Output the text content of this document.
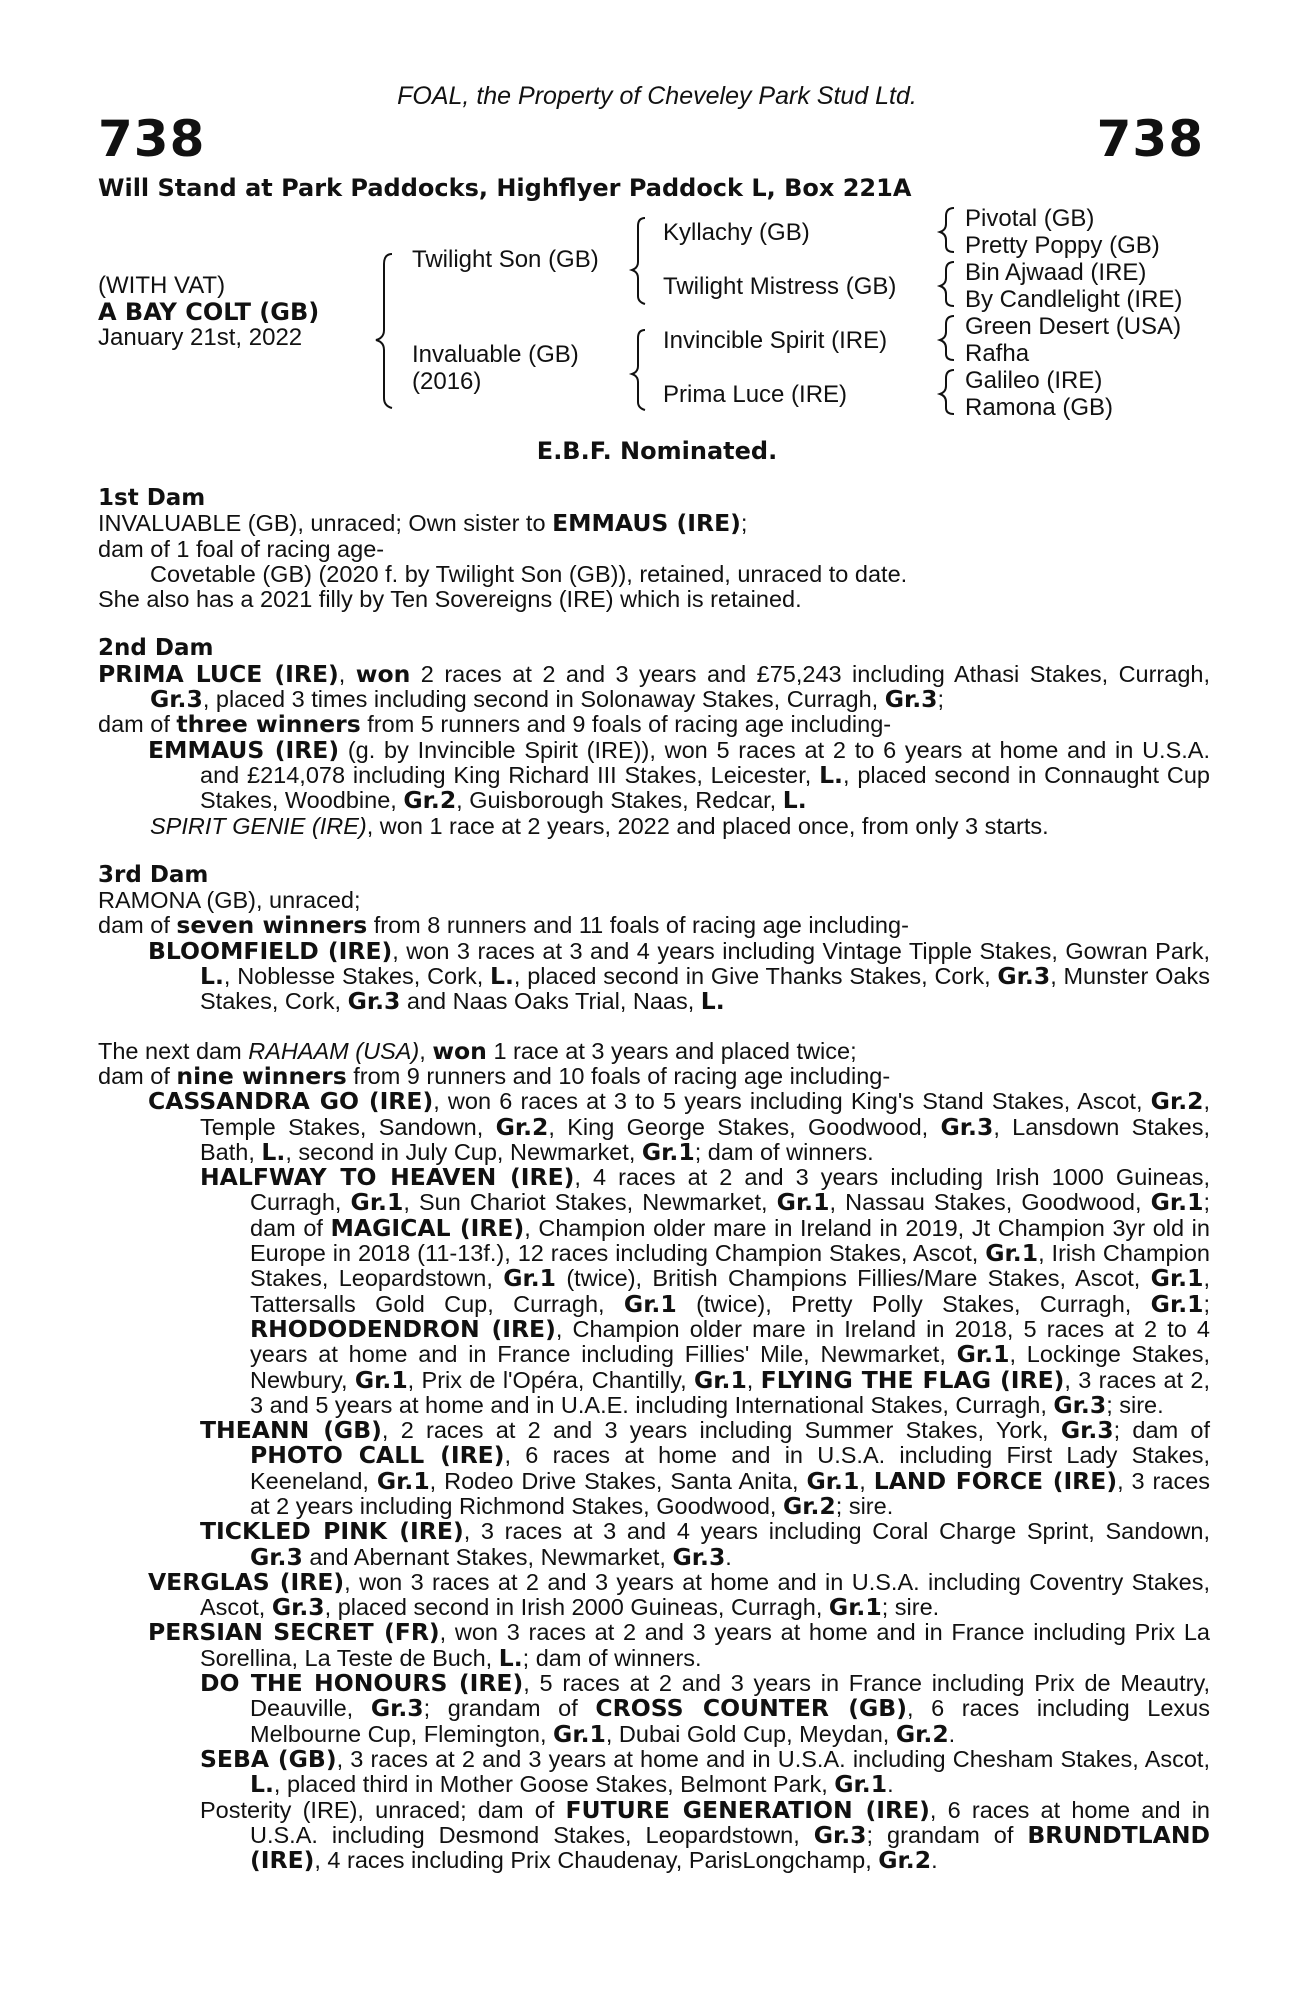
FOAL, the Property of Cheveley Park Stud Ltd.
738	738
Will Stand at Park Paddocks, Highflyer Paddock L, Box 221A
(WITH VAT)
A BAY COLT (GB)
January 21st, 2022
Twilight Son (GB)
Invaluable (GB)
(2016)
Kyllachy (GB)
Twilight Mistress (GB)
Invincible Spirit (IRE)
Prima Luce (IRE)
Pivotal (GB)
Pretty Poppy (GB)
Bin Ajwaad (IRE)
By Candlelight (IRE)
Green Desert (USA)
Rafha
Galileo (IRE)
Ramona (GB)
E.B.F. Nominated.

1st Dam

INVALUABLE (GB), unraced; Own sister to EMMAUS (IRE);

dam of 1 foal of racing age-

Covetable (GB) (2020 f. by Twilight Son (GB)), retained, unraced to date.

She also has a 2021 filly by Ten Sovereigns (IRE) which is retained.

2nd Dam

PRIMA LUCE (IRE), won 2 races at 2 and 3 years and £75,243 including Athasi Stakes, Curragh, Gr.3, placed 3 times including second in Solonaway Stakes, Curragh, Gr.3;

dam of three winners from 5 runners and 9 foals of racing age including-

EMMAUS (IRE) (g. by Invincible Spirit (IRE)), won 5 races at 2 to 6 years at home and in U.S.A. and £214,078 including King Richard III Stakes, Leicester, L., placed second in Connaught Cup Stakes, Woodbine, Gr.2, Guisborough Stakes, Redcar, L.

SPIRIT GENIE (IRE), won 1 race at 2 years, 2022 and placed once, from only 3 starts.

3rd Dam

RAMONA (GB), unraced;

dam of seven winners from 8 runners and 11 foals of racing age including-

BLOOMFIELD (IRE), won 3 races at 3 and 4 years including Vintage Tipple Stakes, Gowran Park, L., Noblesse Stakes, Cork, L., placed second in Give Thanks Stakes, Cork, Gr.3, Munster Oaks Stakes, Cork, Gr.3 and Naas Oaks Trial, Naas, L.

The next dam RAHAAM (USA), won 1 race at 3 years and placed twice;

dam of nine winners from 9 runners and 10 foals of racing age including-

CASSANDRA GO (IRE), won 6 races at 3 to 5 years including King's Stand Stakes, Ascot, Gr.2, Temple Stakes, Sandown, Gr.2, King George Stakes, Goodwood, Gr.3, Lansdown Stakes, Bath, L., second in July Cup, Newmarket, Gr.1; dam of winners.

HALFWAY TO HEAVEN (IRE), 4 races at 2 and 3 years including Irish 1000 Guineas, Curragh, Gr.1, Sun Chariot Stakes, Newmarket, Gr.1, Nassau Stakes, Goodwood, Gr.1; dam of MAGICAL (IRE), Champion older mare in Ireland in 2019, Jt Champion 3yr old in Europe in 2018 (11-13f.), 12 races including Champion Stakes, Ascot, Gr.1, Irish Champion Stakes, Leopardstown, Gr.1 (twice), British Champions Fillies/Mare Stakes, Ascot, Gr.1, Tattersalls Gold Cup, Curragh, Gr.1 (twice), Pretty Polly Stakes, Curragh, Gr.1; RHODODENDRON (IRE), Champion older mare in Ireland in 2018, 5 races at 2 to 4 years at home and in France including Fillies' Mile, Newmarket, Gr.1, Lockinge Stakes, Newbury, Gr.1, Prix de l'Opéra, Chantilly, Gr.1, FLYING THE FLAG (IRE), 3 races at 2, 3 and 5 years at home and in U.A.E. including International Stakes, Curragh, Gr.3; sire.

THEANN (GB), 2 races at 2 and 3 years including Summer Stakes, York, Gr.3; dam of PHOTO CALL (IRE), 6 races at home and in U.S.A. including First Lady Stakes, Keeneland, Gr.1, Rodeo Drive Stakes, Santa Anita, Gr.1, LAND FORCE (IRE), 3 races at 2 years including Richmond Stakes, Goodwood, Gr.2; sire.

TICKLED PINK (IRE), 3 races at 3 and 4 years including Coral Charge Sprint, Sandown, Gr.3 and Abernant Stakes, Newmarket, Gr.3.

VERGLAS (IRE), won 3 races at 2 and 3 years at home and in U.S.A. including Coventry Stakes, Ascot, Gr.3, placed second in Irish 2000 Guineas, Curragh, Gr.1; sire.

PERSIAN SECRET (FR), won 3 races at 2 and 3 years at home and in France including Prix La Sorellina, La Teste de Buch, L.; dam of winners.

DO THE HONOURS (IRE), 5 races at 2 and 3 years in France including Prix de Meautry, Deauville, Gr.3; grandam of CROSS COUNTER (GB), 6 races including Lexus Melbourne Cup, Flemington, Gr.1, Dubai Gold Cup, Meydan, Gr.2.

SEBA (GB), 3 races at 2 and 3 years at home and in U.S.A. including Chesham Stakes, Ascot, L., placed third in Mother Goose Stakes, Belmont Park, Gr.1.

Posterity (IRE), unraced; dam of FUTURE GENERATION (IRE), 6 races at home and in U.S.A. including Desmond Stakes, Leopardstown, Gr.3; grandam of BRUNDTLAND (IRE), 4 races including Prix Chaudenay, ParisLongchamp, Gr.2.
